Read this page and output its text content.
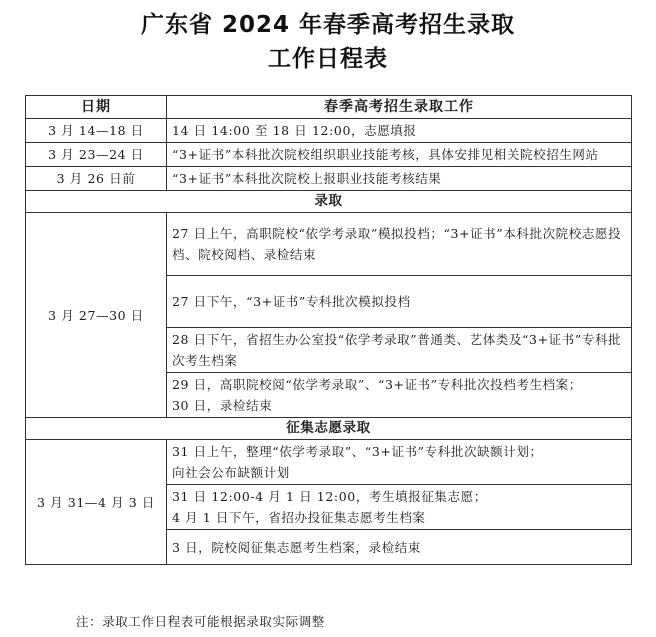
广东省 2024 年春季高考招生录取
工作日程表
日期	春季高考招生录取工作
3 月 14—18 日	14 日 14:00 至 18 日 12:00，志愿填报
3 月 23—24 日	“3+证书”本科批次院校组织职业技能考核，具体安排见相关院校招生网站
3 月 26 日前	“3+证书”本科批次院校上报职业技能考核结果
录取	
3 月 27—30 日	27 日上午，高职院校“依学考录取”模拟投档；“3+证书”本科批次院校志愿投档、院校阅档、录检结束
	27 日下午，“3+证书”专科批次模拟投档
	28 日下午，省招生办公室投“依学考录取”普通类、艺体类及“3+证书”专科批次考生档案

	29 日，高职院校阅“依学考录取”、“3+证书”专科批次投档考生档案；
30 日，录检结束

征集志愿录取	
3 月 31—4 月 3 日	31 日上午，整理“依学考录取”、“3+证书”专科批次缺额计划；
向社会公布缺额计划

	31 日 12:00-4 月 1 日 12:00，考生填报征集志愿；
4 月 1 日下午，省招办投征集志愿考生档案

	3 日，院校阅征集志愿考生档案，录检结束
注：录取工作日程表可能根据录取实际调整
